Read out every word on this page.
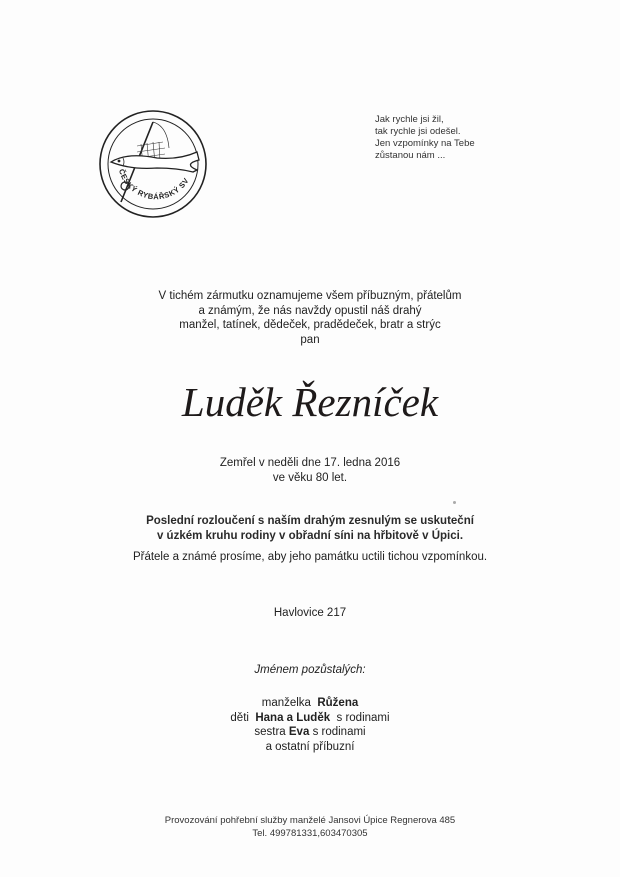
ČESKÝ RYBÁŘSKÝ SV
Jak rychle jsi žil,
tak rychle jsi odešel.
Jen vzpomínky na Tebe
zůstanou nám ...
V tichém zármutku oznamujeme všem příbuzným, přátelům
a známým, že nás navždy opustil náš drahý
manžel, tatínek, dědeček, pradědeček, bratr a strýc
pan
Luděk Řezníček
Zemřel v neděli dne 17. ledna 2016
ve věku 80 let.
Poslední rozloučení s naším drahým zesnulým se uskuteční
v úzkém kruhu rodiny v obřadní síni na hřbitově v Úpici.
Přátele a známé prosíme, aby jeho památku uctili tichou vzpomínkou.
Havlovice 217
Jménem pozůstalých:
manželka Růžena
děti Hana a Luděk s rodinami
sestra Eva s rodinami
a ostatní příbuzní
Provozování pohřební služby manželé Jansovi Úpice Regnerova 485
Tel. 499781331,603470305
